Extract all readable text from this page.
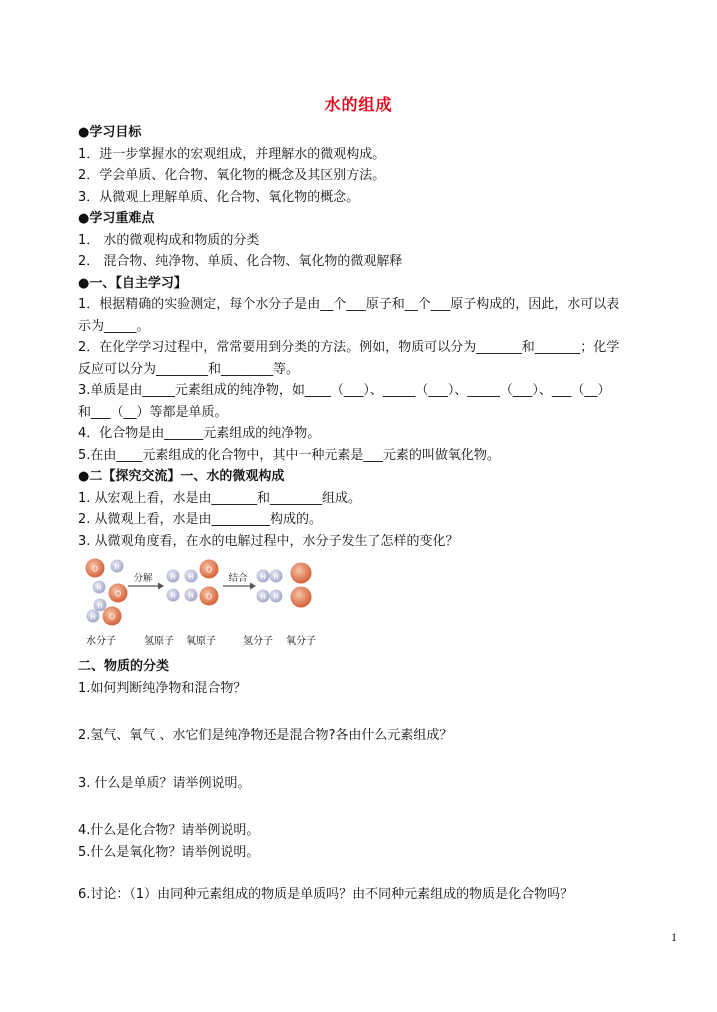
水的组成
●学习目标
1．进一步掌握水的宏观组成，并理解水的微观构成。
2．学会单质、化合物、氧化物的概念及其区别方法。
3．从微观上理解单质、化合物、氧化物的概念。
●学习重难点
1． 水的微观构成和物质的分类
2． 混合物、纯净物、单质、化合物、氧化物的微观解释
●一、【自主学习】
1．根据精确的实验测定，每个水分子是由__个___原子和__个___原子构成的，因此，水可以表
示为_____。
2．在化学学习过程中，常常要用到分类的方法。例如，物质可以分为_______和_______；化学
反应可以分为________和________等。
3.单质是由_____元素组成的纯净物，如____（___）、_____（___）、_____（___）、___（__）
和___（__）等都是单质。
4．化合物是由______元素组成的纯净物。
5.在由____元素组成的化合物中，其中一种元素是___元素的叫做氧化物。
●二【探究交流】一、水的微观构成
1. 从宏观上看，水是由_______和________组成。
2. 从微观上看，水是由_________构成的。
3. 从微观角度看，在水的电解过程中，水分子发生了怎样的变化？
O H
H
O
H
H O
分解	H H
H H
O
O
结合 H H
H H
水分子	氢原子 氧原子	氢分子 氧分子
二、物质的分类
1.如何判断纯净物和混合物？
2.氢气、氧气 、水它们是纯净物还是混合物?各由什么元素组成？
3. 什么是单质？请举例说明。
4.什么是化合物？请举例说明。
5.什么是氧化物？请举例说明。
6.讨论：（1）由同种元素组成的物质是单质吗？由不同种元素组成的物质是化合物吗？
1
